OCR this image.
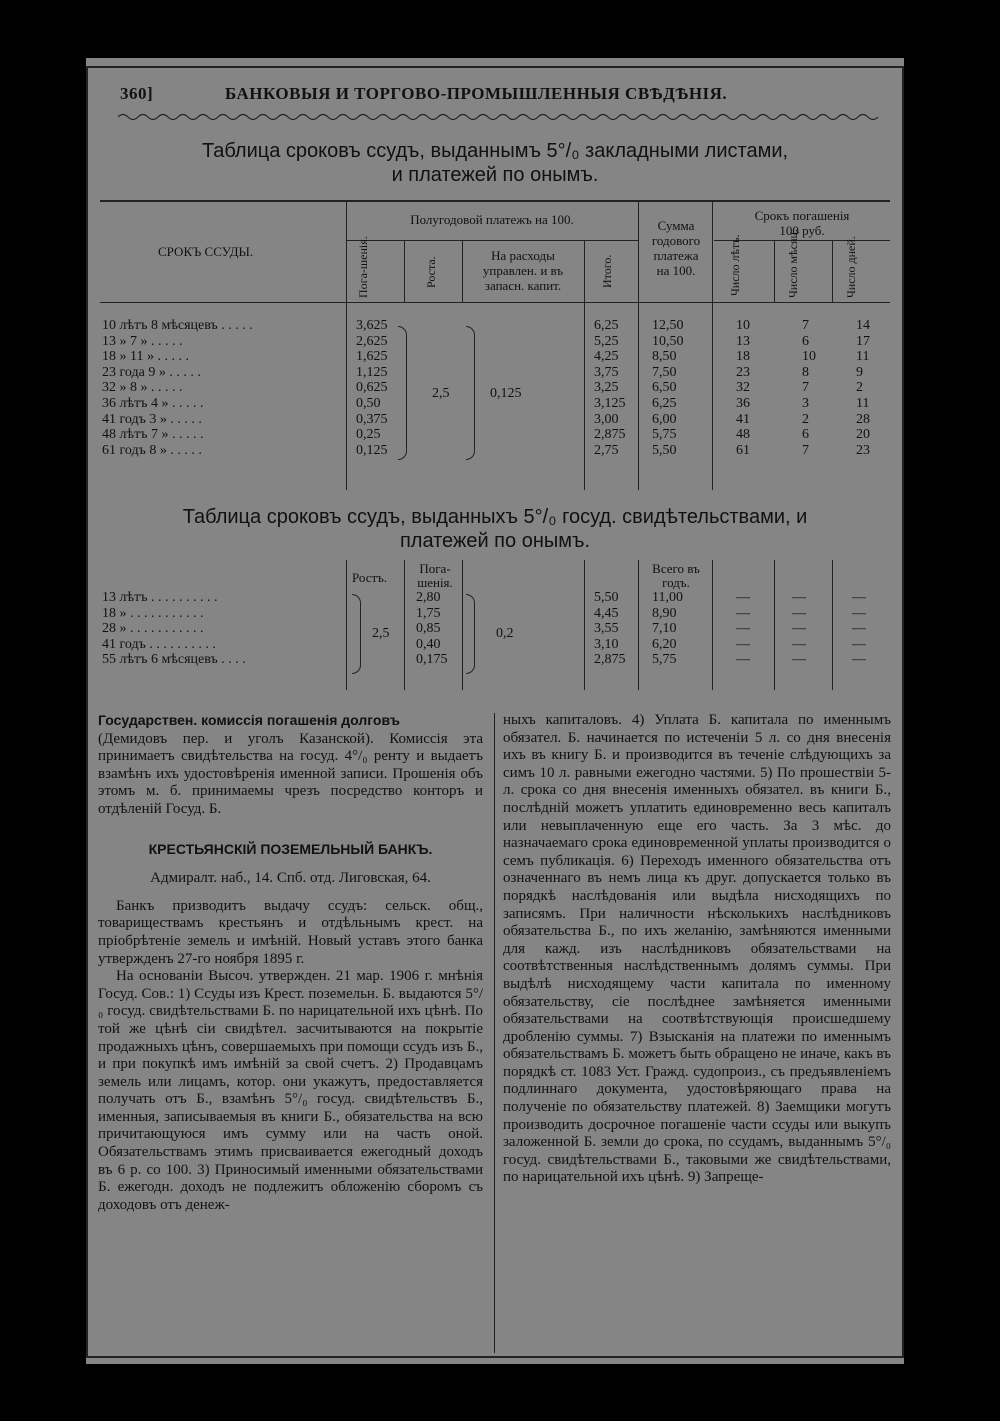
360]	БАНКОВЫЯ И ТОРГОВО-ПРОМЫШЛЕННЫЯ СВѢДѢНІЯ.
Таблица сроковъ ссудъ, выданнымъ 5°/₀ закладными листами,
и платежей по онымъ.
СРОКЪ ССУДЫ.
Полугодовой платежъ на 100.
Пога-шенія.	Роста.
На расходы
управлен. и въ
запасн. капит.	Итого.
Сумма
годового
платежа
на 100.
Срокъ погашенія
100 руб.
Число лѣтъ.	Число мѣсяц.	Число дней.
10 лѣтъ 8 мѣсяцевъ . . . . .	3,625	6,25 12,50	10	7	14
13 » 7 » . . . . .	2,625	5,25 10,50	13	6	17
18 » 11 » . . . . .	1,625	4,25 8,50	18	10	11
23 года 9 » . . . . .	1,125	3,75 7,50	23	8	9
32 » 8 » . . . . .	0,625	3,25 6,50	32	7	2
36 лѣтъ 4 » . . . . .	0,50	3,125 6,25	36	3	11
41 годъ 3 » . . . . .	0,375	3,00 6,00	41	2	28
48 лѣтъ 7 » . . . . .	0,25	2,875 5,75	48	6	20
61 годъ 8 » . . . . .	0,125	2,75 5,50	61	7	23
2,5	0,125
Таблица сроковъ ссудъ, выданныхъ 5°/₀ госуд. свидѣтельствами, и
платежей по онымъ.
Ростъ.
Пога-
шенія.
Всего въ
годъ.
13 лѣтъ . . . . . . . . . .	2,80	5,50 11,00	—	—	—
18 » . . . . . . . . . . .	1,75	4,45 8,90	—	—	—
28 » . . . . . . . . . . .	0,85	3,55 7,10	—	—	—
41 годъ . . . . . . . . . .	0,40	3,10 6,20	—	—	—
55 лѣтъ 6 мѣсяцевъ . . . .	0,175	2,875 5,75	—	—	—
2,5	0,2
Государствен. комиссія погашенія долговъ
(Демидовъ пер. и уголъ Казанской). Комиссія эта принимаетъ свидѣтельства на госуд. 4°/₀ ренту и выдаетъ взамѣнъ ихъ удостовѣренія именной записи. Прошенія объ этомъ м. б. принимаемы чрезъ посредство конторъ и отдѣленій Госуд. Б.
КРЕСТЬЯНСКІЙ ПОЗЕМЕЛЬНЫЙ БАНКЪ.
Адмиралт. наб., 14. Спб. отд. Лиговская, 64.

Банкъ призводитъ выдачу ссудъ: сельск. общ., товариществамъ крестьянъ и отдѣльнымъ крест. на пріобрѣтеніе земель и имѣній. Новый уставъ этого банка утвержденъ 27-го ноября 1895 г.

На основаніи Высоч. утвержден. 21 мар. 1906 г. мнѣнія Госуд. Сов.: 1) Ссуды изъ Крест. поземельн. Б. выдаются 5°/₀ госуд. свидѣтельствами Б. по нарицательной ихъ цѣнѣ. По той же цѣнѣ сіи свидѣтел. засчитываются на покрытіе продажныхъ цѣнъ, совершаемыхъ при помощи ссудъ изъ Б., и при покупкѣ имъ имѣній за свой счетъ. 2) Продавцамъ земель или лицамъ, котор. они укажутъ, предоставляется получать отъ Б., взамѣнъ 5°/₀ госуд. свидѣтельствъ Б., именныя, записываемыя въ книги Б., обязательства на всю причитающуюся имъ сумму или на часть оной. Обязательствамъ этимъ присваивается ежегодный доходъ въ 6 р. со 100. 3) Приносимый именными обязательствами Б. ежегодн. доходъ не подлежитъ обложенію сборомъ съ доходовъ отъ денеж-

ныхъ капиталовъ. 4) Уплата Б. капитала по именнымъ обязател. Б. начинается по истеченіи 5 л. со дня внесенія ихъ въ книгу Б. и производится въ теченіе слѣдующихъ за симъ 10 л. равными ежегодно частями. 5) По прошествіи 5-л. срока со дня внесенія именныхъ обязател. въ книги Б., послѣдній можетъ уплатить единовременно весь капиталъ или невыплаченную еще его часть. За 3 мѣс. до назначаемаго срока единовременной уплаты производится о семъ публикація. 6) Переходъ именного обязательства отъ означеннаго въ немъ лица къ друг. допускается только въ порядкѣ наслѣдованія или выдѣла нисходящихъ по записямъ. При наличности нѣсколькихъ наслѣдниковъ обязательства Б., по ихъ желанію, замѣняются именными для кажд. изъ наслѣдниковъ обязательствами на соотвѣтственныя наслѣдственнымъ долямъ суммы. При выдѣлѣ нисходящему части капитала по именному обязательству, сіе послѣднее замѣняется именными обязательствами на соотвѣтствующія происшедшему дробленію суммы. 7) Взысканія на платежи по именнымъ обязательствамъ Б. можетъ быть обращено не иначе, какъ въ порядкѣ ст. 1083 Уст. Гражд. судопроиз., съ предъявленіемъ подлиннаго документа, удостовѣряющаго права на полученіе по обязательству платежей. 8) Заемщики могутъ производить досрочное погашеніе части ссуды или выкупъ заложенной Б. земли до срока, по ссудамъ, выданнымъ 5°/₀ госуд. свидѣтельствами Б., таковыми же свидѣтельствами, по нарицательной ихъ цѣнѣ. 9) Запреще-
